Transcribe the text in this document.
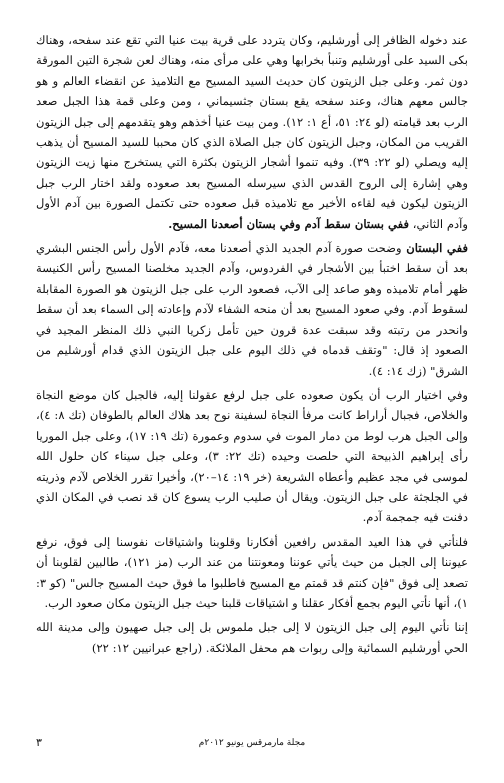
عند دخوله الظافر إلى أورشليم، وكان يتردد على قرية بيت عنيا التي تقع عند سفحه، وهناك بكى السيد على أورشليم وتنبأ بخرابها وهي على مرأى منه، وهناك لعن شجرة التين المورقة دون ثمر. وعلى جبل الزيتون كان حديث السيد المسيح مع التلاميذ عن انقضاء العالم و هو جالس معهم هناك، وعند سفحه يقع بستان جثسيماني ، ومن وعلى قمة هذا الجبل صعد الرب بعد قيامته (لو ٢٤: ٥١، أع ١: ١٢). ومن بيت عنيا أخذهم وهو يتقدمهم إلى جبل الزيتون القريب من المكان، وجبل الزيتون كان جبل الصلاة الذي كان محببا للسيد المسيح أن يذهب إليه ويصلي (لو ٢٢: ٣٩). وفيه تنموا أشجار الزيتون بكثرة التي يستخرج منها زيت الزيتون وهي إشارة إلى الروح القدس الذي سيرسله المسيح بعد صعوده ولقد اختار الرب جبل الزيتون ليكون فيه لقاءه الأخير مع تلاميذه قبل صعوده حتى تكتمل الصورة بين آدم الأول وآدم الثاني، ففي بستان سقط آدم وفي بستان أصعدنا المسيح.

ففي البستان وضحت صورة آدم الجديد الذي أصعدنا معه، فآدم الأول رأس الجنس البشري بعد أن سقط اختبأ بين الأشجار في الفردوس، وآدم الجديد مخلصنا المسيح رأس الكنيسة ظهر أمام تلاميذه وهو صاعد إلى الآب، فصعود الرب على جبل الزيتون هو الصورة المقابلة لسقوط آدم. وفي صعود المسيح بعد أن منحه الشفاء لآدم وإعادته إلى السماء بعد أن سقط وانحدر من رتبته وقد سبقت عدة قرون حين تأمل زكريا النبي ذلك المنظر المجيد في الصعود إذ قال: "وتقف قدماه في ذلك اليوم على جبل الزيتون الذي قدام أورشليم من الشرق" (زك ١٤: ٤).

وفي اختيار الرب أن يكون صعوده على جبل لرفع عقولنا إليه، فالجبل كان موضع النجاة والخلاص، فجبال أراراط كانت مرفأ النجاة لسفينة نوح بعد هلاك العالم بالطوفان (تك ٨: ٤)، وإلى الجبل هرب لوط من دمار الموت في سدوم وعمورة (تك ١٩: ١٧)، وعلى جبل الموريا رأى إبراهيم الذبيحة التي حلصت وحيده (تك ٢٢: ٣)، وعلى جبل سيناء كان حلول الله لموسى في مجد عظيم وأعطاه الشريعة (خر ١٩: ١٤–٢٠)، وأخيرا تقرر الخلاص لآدم وذريته في الجلجثة على جبل الزيتون. ويقال أن صليب الرب يسوع كان قد نصب في المكان الذي دفنت فيه جمجمة آدم.

فلنأتي في هذا العيد المقدس رافعين أفكارنا وقلوبنا واشتياقات نفوسنا إلى فوق، نرفع عيوننا إلى الجبل من حيث يأتي عوننا ومعونتنا من عند الرب (مز ١٢١)، طالبين لقلوبنا أن تصعد إلى فوق "فإن كنتم قد قمتم مع المسيح فاطلبوا ما فوق حيث المسيح جالس" (كو ٣: ١)، أنها نأتي اليوم بجمع أفكار عقلنا و اشتياقات قلبنا حيث جبل الزيتون مكان صعود الرب.

إننا نأتي اليوم إلى جبل الزيتون لا إلى جبل ملموس بل إلى جبل صهيون وإلى مدينة الله الحي أورشليم السمائية وإلى ربوات هم محفل الملائكة. (راجع عبرانيين ١٢: ٢٢)

مجلة مارمرقس يونيو ٢٠١٢م
٣
